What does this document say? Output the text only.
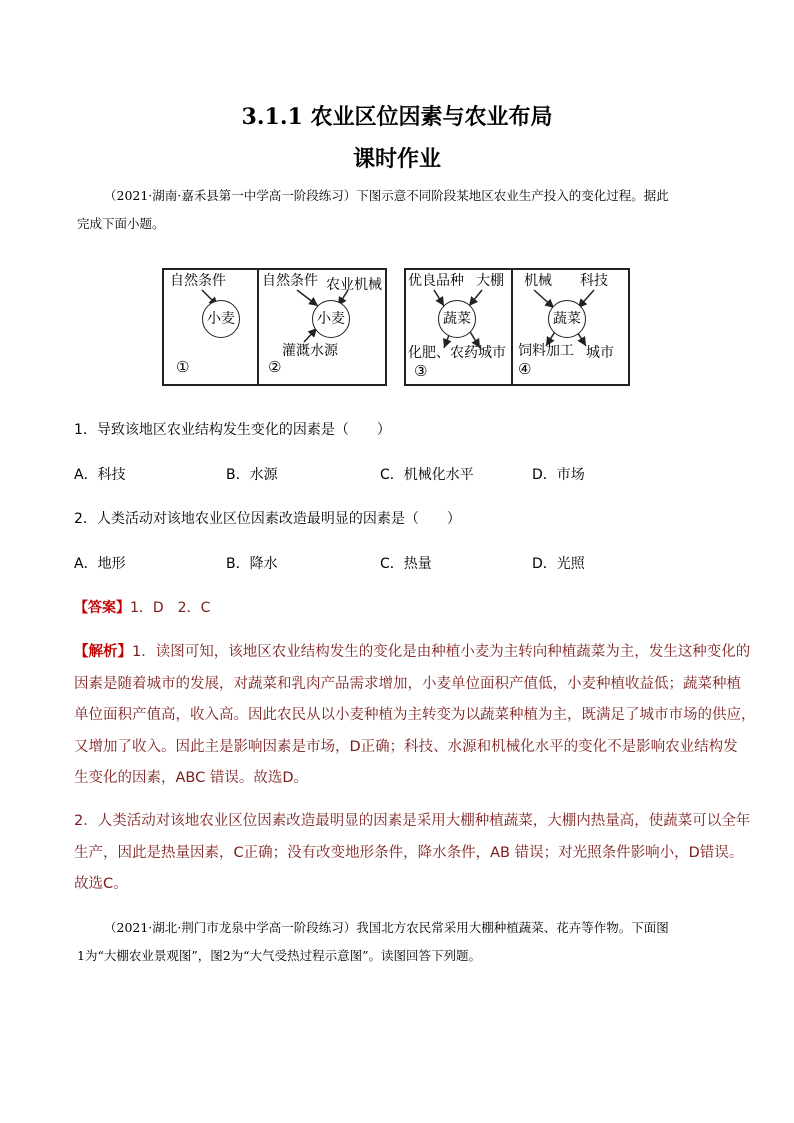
3.1.1 农业区位因素与农业布局
课时作业
（2021·湖南·嘉禾县第一中学高一阶段练习）下图示意不同阶段某地区农业生产投入的变化过程。据此
完成下面小题。
自然条件
小麦
①
自然条件 农业机械
小麦
灌溉水源
②
优良品种 大棚
蔬菜
化肥、农药 城市
③
机械 科技
蔬菜
饲料加工 城市
④
1．导致该地区农业结构发生变化的因素是（　　）
A．科技	B．水源	C．机械化水平	D．市场
2．人类活动对该地农业区位因素改造最明显的因素是（　　）
A．地形	B．降水	C．热量	D．光照
【答案】1．D　2．C
【解析】1．读图可知，该地区农业结构发生的变化是由种植小麦为主转向种植蔬菜为主，发生这种变化的
因素是随着城市的发展，对蔬菜和乳肉产品需求增加，小麦单位面积产值低，小麦种植收益低；蔬菜种植
单位面积产值高，收入高。因此农民从以小麦种植为主转变为以蔬菜种植为主，既满足了城市市场的供应，
又增加了收入。因此主是影响因素是市场，D正确；科技、水源和机械化水平的变化不是影响农业结构发
生变化的因素，ABC 错误。故选D。
2．人类活动对该地农业区位因素改造最明显的因素是采用大棚种植蔬菜，大棚内热量高，使蔬菜可以全年
生产，因此是热量因素，C正确；没有改变地形条件，降水条件，AB 错误；对光照条件影响小，D错误。
故选C。
（2021·湖北·荆门市龙泉中学高一阶段练习）我国北方农民常采用大棚种植蔬菜、花卉等作物。下面图
1为“大棚农业景观图”，图2为“大气受热过程示意图”。读图回答下列题。
